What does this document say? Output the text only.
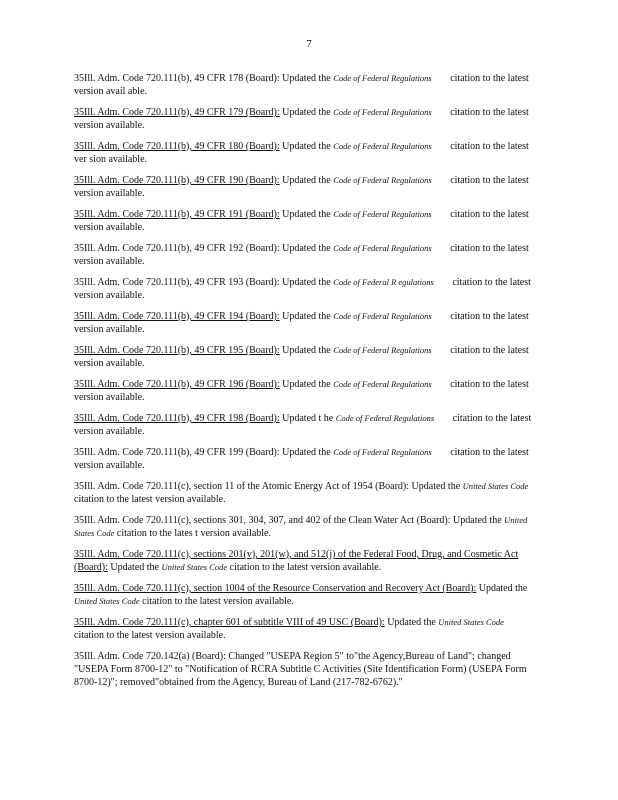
7
35Ill. Adm. Code 720.111(b), 49 CFR 178 (Board): Updated the Code of Federal Regulations citation to the latest version avail able.
35Ill. Adm. Code 720.111(b), 49 CFR 179 (Board): Updated the Code of Federal Regulations citation to the latest version available.
35Ill. Adm. Code 720.111(b), 49 CFR 180 (Board): Updated the Code of Federal Regulations citation to the latest ver sion available.
35Ill. Adm. Code 720.111(b), 49 CFR 190 (Board): Updated the Code of Federal Regulations citation to the latest version available.
35Ill. Adm. Code 720.111(b), 49 CFR 191 (Board): Updated the Code of Federal Regulations citation to the latest version available.
35Ill. Adm. Code 720.111(b), 49 CFR 192 (Board): Updated the Code of Federal Regulations citation to the latest version available.
35Ill. Adm. Code 720.111(b), 49 CFR 193 (Board): Updated the Code of Federal R egulations citation to the latest version available.
35Ill. Adm. Code 720.111(b), 49 CFR 194 (Board): Updated the Code of Federal Regulations citation to the latest version available.
35Ill. Adm. Code 720.111(b), 49 CFR 195 (Board): Updated the Code of Federal Regulations citation to the latest version available.
35Ill. Adm. Code 720.111(b), 49 CFR 196 (Board): Updated the Code of Federal Regulations citation to the latest version available.
35Ill. Adm. Code 720.111(b), 49 CFR 198 (Board): Updated t he Code of Federal Regulations citation to the latest version available.
35Ill. Adm. Code 720.111(b), 49 CFR 199 (Board): Updated the Code of Federal Regulations citation to the latest version available.
35Ill. Adm. Code 720.111(c), section 11 of the Atomic Energy Act of 1954 (Board): Updated the United States Code citation to the latest version available.
35Ill. Adm. Code 720.111(c), sections 301, 304, 307, and 402 of the Clean Water Act (Board): Updated the United States Code citation to the lates t version available.
35Ill. Adm. Code 720.111(c), sections 201(v), 201(w), and 512(j) of the Federal Food, Drug, and Cosmetic Act (Board): Updated the United States Code citation to the latest version available.
35Ill. Adm. Code 720.111(c), section 1004 of the Resource Conservation and Recovery Act (Board): Updated the United States Code citation to the latest version available.
35Ill. Adm. Code 720.111(c), chapter 601 of subtitle VIII of 49 USC (Board): Updated the United States Code citation to the latest version available.
35Ill. Adm. Code 720.142(a) (Board): Changed "USEPA Region 5" to"the Agency,Bureau of Land"; changed "USEPA Form 8700-12" to "Notification of RCRA Subtitle C Activities (Site Identification Form) (USEPA Form 8700-12)"; removed"obtained from the Agency, Bureau of Land (217-782-6762)."
